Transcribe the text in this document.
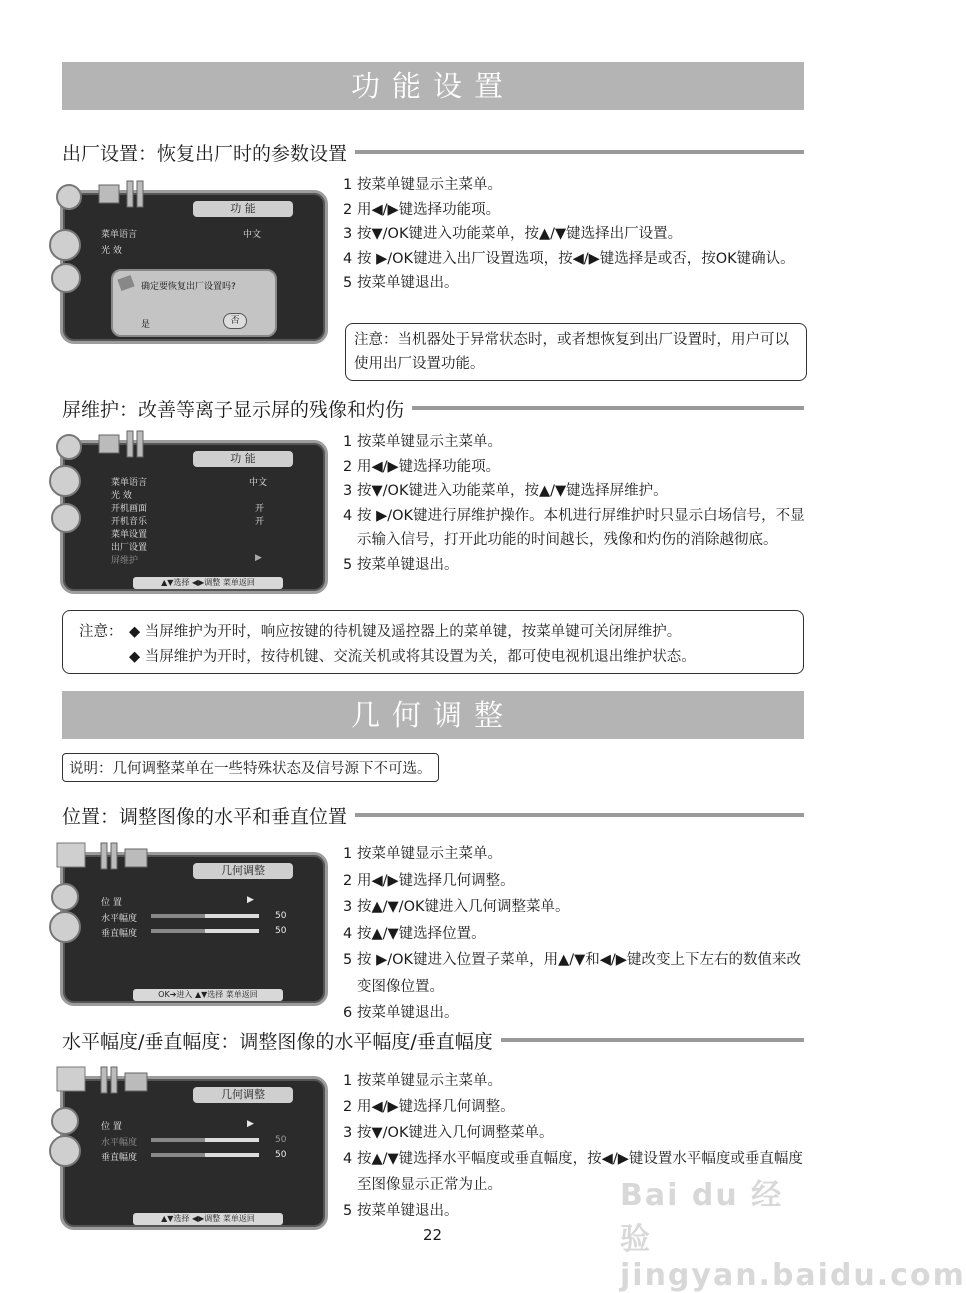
功能设置
出厂设置：恢复出厂时的参数设置
功 能
菜单语言	中文
光 效
确定要恢复出厂设置吗?
是	否
1 按菜单键显示主菜单。
2 用◀/▶键选择功能项。
3 按▼/OK键进入功能菜单，按▲/▼键选择出厂设置。
4 按 ▶/OK键进入出厂设置选项，按◀/▶键选择是或否，按OK键确认。
5 按菜单键退出。
注意：当机器处于异常状态时，或者想恢复到出厂设置时，用户可以使用出厂设置功能。
屏维护：改善等离子显示屏的残像和灼伤
功 能
菜单语言	中文
光 效
开机画面	开
开机音乐	开
菜单设置
出厂设置
屏维护	▶
▲▼选择 ◀▶调整 菜单返回
1 按菜单键显示主菜单。
2 用◀/▶键选择功能项。
3 按▼/OK键进入功能菜单，按▲/▼键选择屏维护。
4 按 ▶/OK键进行屏维护操作。本机进行屏维护时只显示白场信号，不显示输入信号，打开此功能的时间越长，残像和灼伤的消除越彻底。
5 按菜单键退出。
注意： ◆ 当屏维护为开时，响应按键的待机键及遥控器上的菜单键，按菜单键可关闭屏维护。
◆ 当屏维护为开时，按待机键、交流关机或将其设置为关，都可使电视机退出维护状态。
几何调整
说明：几何调整菜单在一些特殊状态及信号源下不可选。
位置：调整图像的水平和垂直位置
几何调整
位 置	▶
水平幅度	50
垂直幅度	50
OK➔进入 ▲▼选择 菜单返回
1 按菜单键显示主菜单。
2 用◀/▶键选择几何调整。
3 按▲/▼/OK键进入几何调整菜单。
4 按▲/▼键选择位置。
5 按 ▶/OK键进入位置子菜单，用▲/▼和◀/▶键改变上下左右的数值来改变图像位置。
6 按菜单键退出。
水平幅度/垂直幅度：调整图像的水平幅度/垂直幅度
几何调整
位 置	▶
水平幅度	50
垂直幅度	50
▲▼选择 ◀▶调整 菜单返回
1 按菜单键显示主菜单。
2 用◀/▶键选择几何调整。
3 按▼/OK键进入几何调整菜单。
4 按▲/▼键选择水平幅度或垂直幅度，按◀/▶键设置水平幅度或垂直幅度至图像显示正常为止。
5 按菜单键退出。	Bai du 经验 jingyan.baidu.com
22
